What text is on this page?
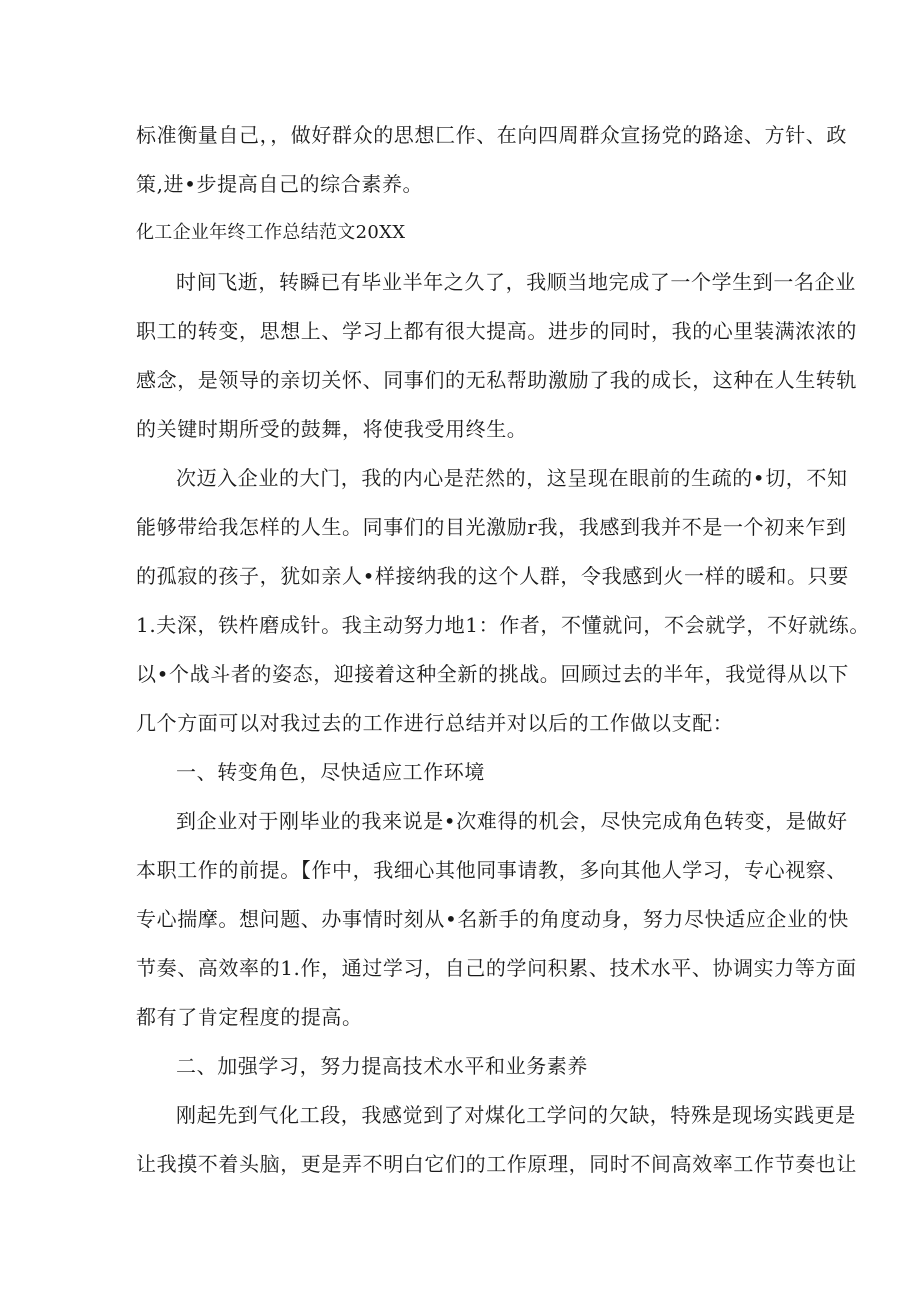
标准衡量自己，，做好群众的思想匚作、在向四周群众宣扬党的路途、方针、政
策,进•步提高自己的综合素养。
化工企业年终工作总结范文20XX
时间飞逝，转瞬已有毕业半年之久了，我顺当地完成了一个学生到一名企业
职工的转变，思想上、学习上都有很大提高。进步的同时，我的心里装满浓浓的
感念，是领导的亲切关怀、同事们的无私帮助激励了我的成长，这种在人生转轨
的关键时期所受的鼓舞，将使我受用终生。
次迈入企业的大门，我的内心是茫然的，这呈现在眼前的生疏的•切，不知
能够带给我怎样的人生。同事们的目光激励r我，我感到我并不是一个初来乍到
的孤寂的孩子，犹如亲人•样接纳我的这个人群，令我感到火一样的暖和。只要
1.夫深，铁杵磨成针。我主动努力地1：作者，不懂就问，不会就学，不好就练。
以•个战斗者的姿态，迎接着这种全新的挑战。回顾过去的半年，我觉得从以下
几个方面可以对我过去的工作进行总结并对以后的工作做以支配：
一、转变角色，尽快适应工作环境
到企业对于刚毕业的我来说是•次难得的机会，尽快完成角色转变，是做好
本职工作的前提。【作中，我细心其他同事请教，多向其他人学习，专心视察、
专心揣摩。想问题、办事情时刻从•名新手的角度动身，努力尽快适应企业的快
节奏、高效率的1.作，通过学习，自己的学问积累、技术水平、协调实力等方面
都有了肯定程度的提高。
二、加强学习，努力提高技术水平和业务素养
刚起先到气化工段，我感觉到了对煤化工学问的欠缺，特殊是现场实践更是
让我摸不着头脑，更是弄不明白它们的工作原理，同时不间高效率工作节奏也让
